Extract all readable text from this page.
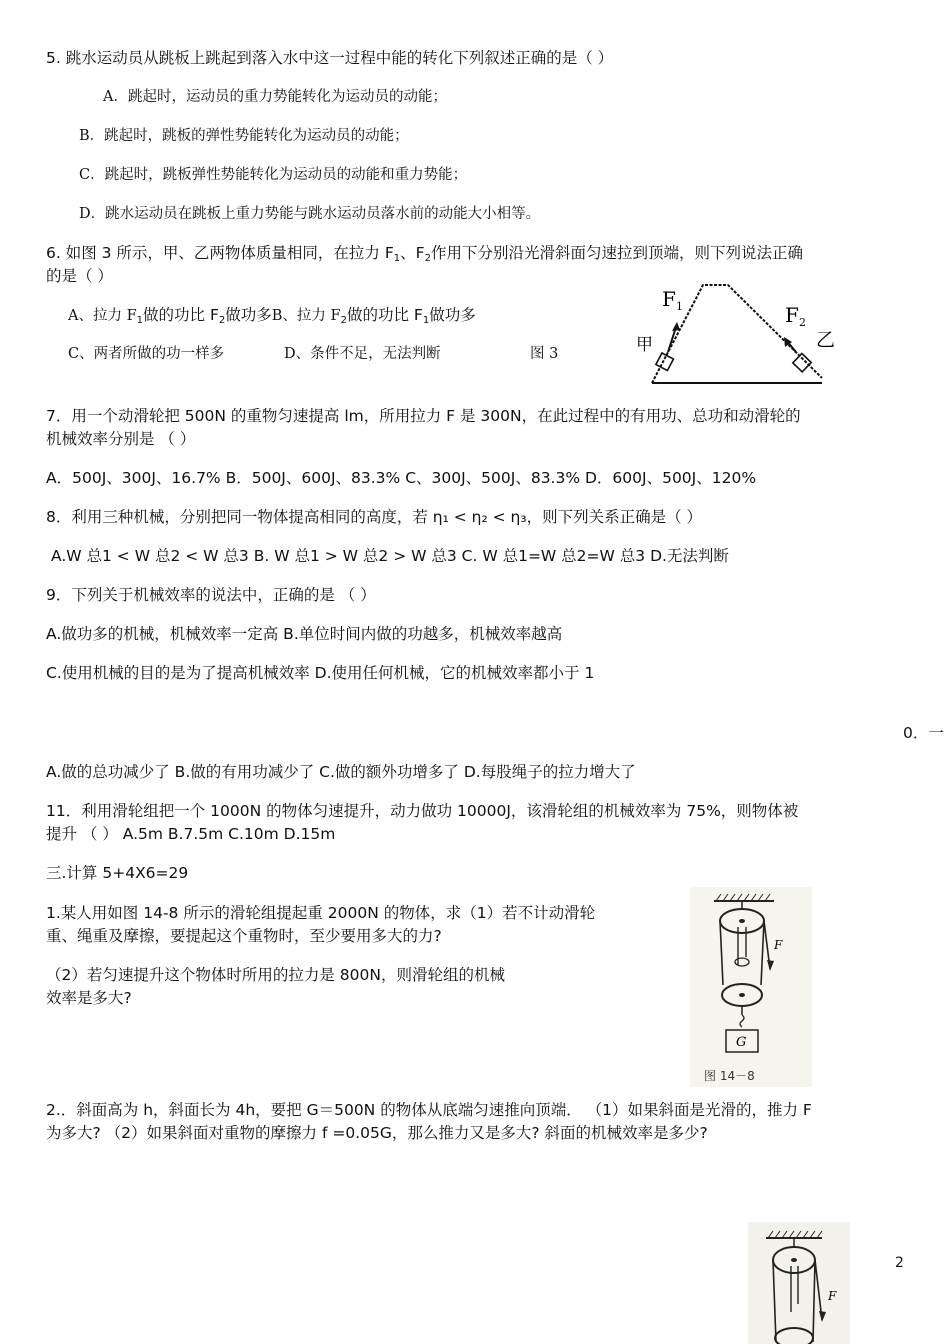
5. 跳水运动员从跳板上跳起到落入水中这一过程中能的转化下列叙述正确的是（ ）
A．跳起时，运动员的重力势能转化为运动员的动能；
B．跳起时，跳板的弹性势能转化为运动员的动能；
C．跳起时，跳板弹性势能转化为运动员的动能和重力势能；
D．跳水运动员在跳板上重力势能与跳水运动员落水前的动能大小相等。
6. 如图 3 所示，甲、乙两物体质量相同，在拉力 $F_1$、$F_2$作用下分别沿光滑斜面匀速拉到顶端，则下列说法正确
的是（ ）
A、拉力 $F_1$做的功比 $F_2$做功多B、拉力 $F_2$做的功比 $F_1$做功多
C、两者所做的功一样多	D、条件不足，无法判断	图 3
F 1	F 2
甲	乙
7．用一个动滑轮把 500N 的重物匀速提高 lm，所用拉力 F 是 300N，在此过程中的有用功、总功和动滑轮的
机械效率分别是 （ ）
A．500J、300J、16.7% B．500J、600J、83.3% C、300J、500J、83.3% D．600J、500J、120%
8．利用三种机械，分别把同一物体提高相同的高度，若 η₁ < η₂ < η₃，则下列关系正确是（ ）
A.W 总1 < W 总2 < W 总3 B. W 总1 > W 总2 > W 总3 C. W 总1=W 总2=W 总3 D.无法判断
9．下列关于机械效率的说法中，正确的是 （ ）
A.做功多的机械，机械效率一定高 B.单位时间内做的功越多，机械效率越高
C.使用机械的目的是为了提高机械效率 D.使用任何机械，它的机械效率都小于 1
0．一
A.做的总功减少了 B.做的有用功减少了 C.做的额外功增多了 D.每股绳子的拉力增大了
11．利用滑轮组把一个 1000N 的物体匀速提升，动力做功 10000J，该滑轮组的机械效率为 75%，则物体被
提升 （ ） A.5m B.7.5m C.10m D.15m
三.计算 5+4X6=29
1.某人用如图 14-8 所示的滑轮组提起重 2000N 的物体，求（1）若不计动滑轮
重、绳重及摩擦，要提起这个重物时，至少要用多大的力?
（2）若匀速提升这个物体时所用的拉力是 800N，则滑轮组的机械
效率是多大?
F
G
图 14－8
2.．斜面高为 h，斜面长为 4h，要把 G＝500N 的物体从底端匀速推向顶端． （1）如果斜面是光滑的，推力 F
为多大? （2）如果斜面对重物的摩擦力 f =0.05G，那么推力又是多大? 斜面的机械效率是多少?
2
F
